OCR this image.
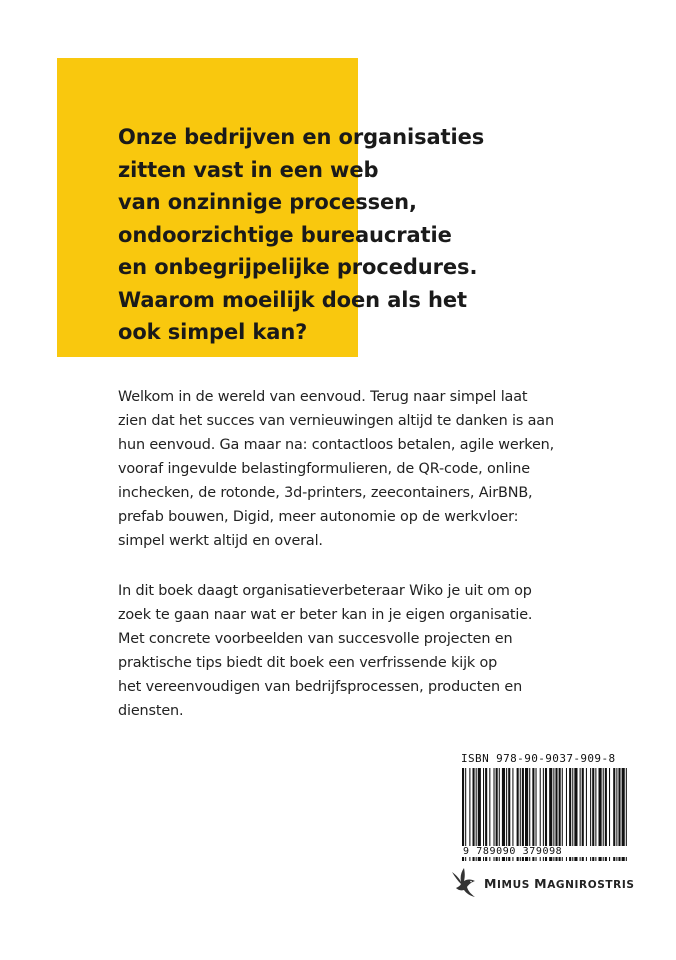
Onze bedrijven en organisaties
zitten vast in een web
van onzinnige processen,
ondoorzichtige bureaucratie
en onbegrijpelijke procedures.
Waarom moeilijk doen als het
ook simpel kan?

Welkom in de wereld van eenvoud. Terug naar simpel laat
zien dat het succes van vernieuwingen altijd te danken is aan
hun eenvoud. Ga maar na: contactloos betalen, agile werken,
vooraf ingevulde belastingformulieren, de QR-code, online
inchecken, de rotonde, 3d-printers, zeecontainers, AirBNB,
prefab bouwen, Digid, meer autonomie op de werkvloer:
simpel werkt altijd en overal.

In dit boek daagt organisatieverbeteraar Wiko je uit om op
zoek te gaan naar wat er beter kan in je eigen organisatie.
Met concrete voorbeelden van succesvolle projecten en
praktische tips biedt dit boek een verfrissende kijk op
het vereenvoudigen van bedrijfsprocessen, producten en
diensten.

ISBN 978-90-9037-909-8
9 789090 379098
MIMUS MAGNIROSTRIS
